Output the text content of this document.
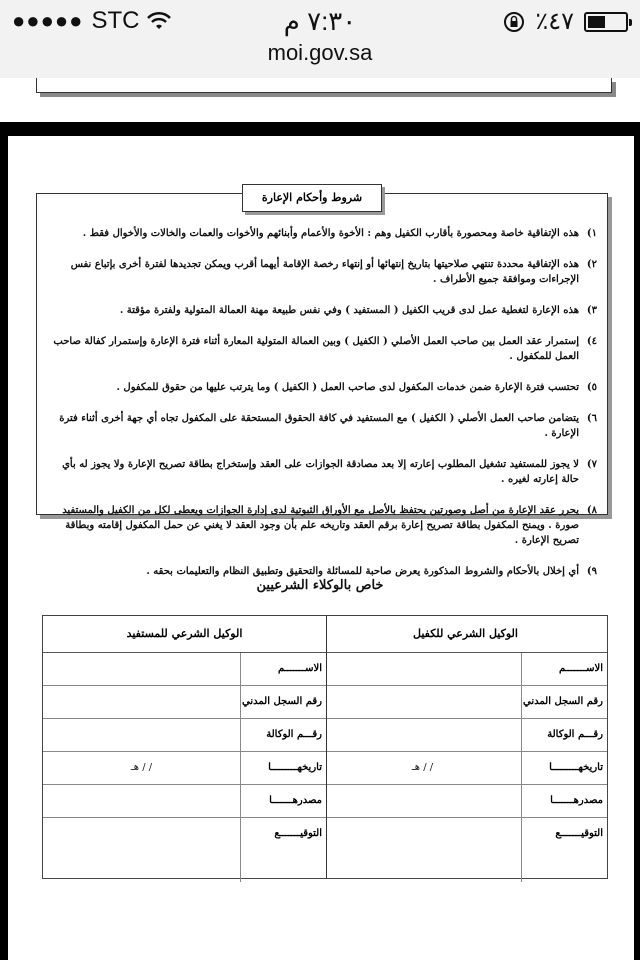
●●●●● STC	٧:٣٠ م	٪٤٧
moi.gov.sa
شروط وأحكام الإعارة
١)
هذه الإتفاقية خاصة ومحصورة بأقارب الكفيل وهم : الأخوة والأعمام وأبنائهم والأخوات والعمات والخالات والأخوال فقط .
٢)
هذه الإتفاقية محددة تنتهي صلاحيتها بتاريخ إنتهائها أو إنتهاء رخصة الإقامة أيهما أقرب ويمكن تجديدها لفترة أخرى بإتباع نفس الإجراءات وموافقة جميع الأطراف .
٣)
هذه الإعارة لتغطية عمل لدى قريب الكفيل ( المستفيد ) وفي نفس طبيعة مهنة العمالة المتولية ولفترة مؤقتة .
٤)
إستمرار عقد العمل بين صاحب العمل الأصلي ( الكفيل ) وبين العمالة المتولية المعارة أثناء فترة الإعارة وإستمرار كفالة صاحب العمل للمكفول .
٥)
تحتسب فترة الإعارة ضمن خدمات المكفول لدى صاحب العمل ( الكفيل ) وما يترتب عليها من حقوق للمكفول .
٦)
يتضامن صاحب العمل الأصلي ( الكفيل ) مع المستفيد في كافة الحقوق المستحقة على المكفول تجاه أي جهة أخرى أثناء فترة الإعارة .
٧)
لا يجوز للمستفيد تشغيل المطلوب إعارته إلا بعد مصادقة الجوازات على العقد وإستخراج بطاقة تصريح الإعارة ولا يجوز له بأي حالة إعارته لغيره .
٨)
يحرر عقد الإعارة من أصل وصورتين يحتفظ بالأصل مع الأوراق الثبوتية لدى إدارة الجوازات ويعطى لكل من الكفيل والمستفيد صورة . ويمنح المكفول بطاقة تصريح إعارة برقم العقد وتاريخه علم بأن وجود العقد لا يغني عن حمل المكفول إقامته وبطاقة تصريح الإعارة .
٩)
أي إخلال بالأحكام والشروط المذكورة يعرض صاحبة للمسائلة والتحقيق وتطبيق النظام والتعليمات بحقه .
خاص بالوكلاء الشرعيين
الوكيل الشرعي للكفيل
الاســـــــم
رقم السجل المدني
رقـــم الوكالة
تاريخهـــــــــا
/ / هـ
مصدرهـــــــا
التوقيـــــــع
الوكيل الشرعي للمستفيد
الاســـــــم
رقم السجل المدني
رقـــم الوكالة
تاريخهـــــــــا
/ / هـ
مصدرهـــــــا
التوقيـــــــع
